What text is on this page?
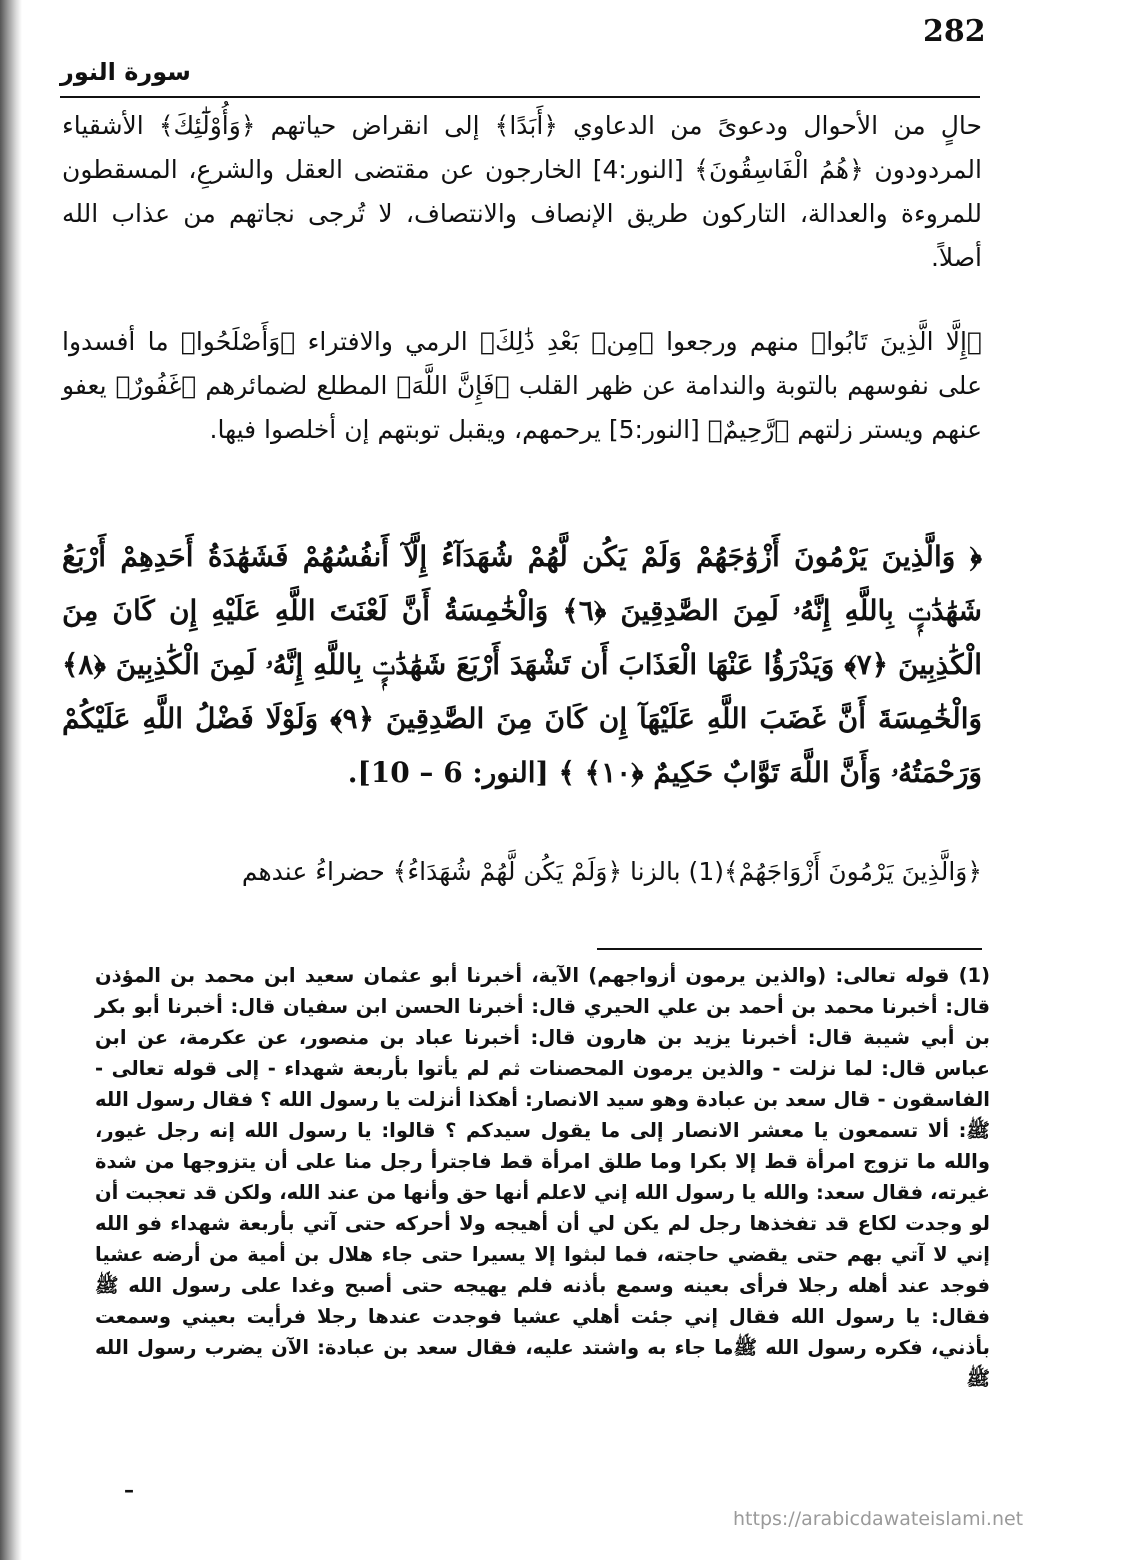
282
سورة النور

حالٍ من الأحوال ودعوىً من الدعاوي ﴿أَبَدًا﴾ إلى انقراض حياتهم ﴿وَأُوْلَٰٓئِكَ﴾ الأشقياء المردودون ﴿هُمُ الْفَاسِقُونَ﴾ [النور:4] الخارجون عن مقتضى العقل والشرعِ، المسقطون للمروءة والعدالة، التاركون طريق الإنصاف والانتصاف، لا تُرجى نجاتهم من عذاب الله أصلاً.

﴿إِلَّا الَّذِينَ تَابُوا﴾ منهم ورجعوا ﴿مِنۢ بَعْدِ ذَٰلِكَ﴾ الرمي والافتراء ﴿وَأَصْلَحُوا﴾ ما أفسدوا على نفوسهم بالتوبة والندامة عن ظهر القلب ﴿فَإِنَّ اللَّهَ﴾ المطلع لضمائرهم ﴿غَفُورٌ﴾ يعفو عنهم ويستر زلتهم ﴿رَّحِيمٌ﴾ [النور:5] يرحمهم، ويقبل توبتهم إن أخلصوا فيها.

﴿ وَالَّذِينَ يَرْمُونَ أَزْوَٰجَهُمْ وَلَمْ يَكُن لَّهُمْ شُهَدَآءُ إِلَّآ أَنفُسُهُمْ فَشَهَٰدَةُ أَحَدِهِمْ أَرْبَعُ شَهَٰدَٰتٍۭ بِاللَّهِ إِنَّهُۥ لَمِنَ الصَّٰدِقِينَ ﴿٦﴾ وَالْخَٰمِسَةُ أَنَّ لَعْنَتَ اللَّهِ عَلَيْهِ إِن كَانَ مِنَ الْكَٰذِبِينَ ﴿٧﴾ وَيَدْرَؤُا عَنْهَا الْعَذَابَ أَن تَشْهَدَ أَرْبَعَ شَهَٰدَٰتٍۭ بِاللَّهِ إِنَّهُۥ لَمِنَ الْكَٰذِبِينَ ﴿٨﴾ وَالْخَٰمِسَةَ أَنَّ غَضَبَ اللَّهِ عَلَيْهَآ إِن كَانَ مِنَ الصَّٰدِقِينَ ﴿٩﴾ وَلَوْلَا فَضْلُ اللَّهِ عَلَيْكُمْ وَرَحْمَتُهُۥ وَأَنَّ اللَّهَ تَوَّابٌ حَكِيمٌ ﴿١٠﴾ ﴾ [النور: 6 – 10].

﴿وَالَّذِينَ يَرْمُونَ أَزْوَاجَهُمْ﴾(1) بالزنا ﴿وَلَمْ يَكُن لَّهُمْ شُهَدَاءُ﴾ حضراءُ عندهم

(1) قوله تعالى: (والذين يرمون أزواجهم) الآية، أخبرنا أبو عثمان سعيد ابن محمد بن المؤذن قال: أخبرنا محمد بن أحمد بن علي الحيري قال: أخبرنا الحسن ابن سفيان قال: أخبرنا أبو بكر بن أبي شيبة قال: أخبرنا يزيد بن هارون قال: أخبرنا عباد بن منصور، عن عكرمة، عن ابن عباس قال: لما نزلت - والذين يرمون المحصنات ثم لم يأتوا بأربعة شهداء - إلى قوله تعالى - الفاسقون - قال سعد بن عبادة وهو سيد الانصار: أهكذا أنزلت يا رسول الله ؟ فقال رسول الله ﷺ: ألا تسمعون يا معشر الانصار إلى ما يقول سيدكم ؟ قالوا: يا رسول الله إنه رجل غيور، والله ما تزوج امرأة قط إلا بكرا وما طلق امرأة قط فاجترأ رجل منا على أن يتزوجها من شدة غيرته، فقال سعد: والله يا رسول الله إني لاعلم أنها حق وأنها من عند الله، ولكن قد تعجبت أن لو وجدت لكاع قد تفخذها رجل لم يكن لي أن أهيجه ولا أحركه حتى آتي بأربعة شهداء فو الله إني لا آتي بهم حتى يقضي حاجته، فما لبثوا إلا يسيرا حتى جاء هلال بن أمية من أرضه عشيا فوجد عند أهله رجلا فرأى بعينه وسمع بأذنه فلم يهيجه حتى أصبح وغدا على رسول الله ﷺ فقال: يا رسول الله فقال إني جئت أهلي عشيا فوجدت عندها رجلا فرأيت بعيني وسمعت بأذني، فكره رسول الله ﷺما جاء به واشتد عليه، فقال سعد بن عبادة: الآن يضرب رسول الله ﷺ

–
https://arabicdawateislami.net
